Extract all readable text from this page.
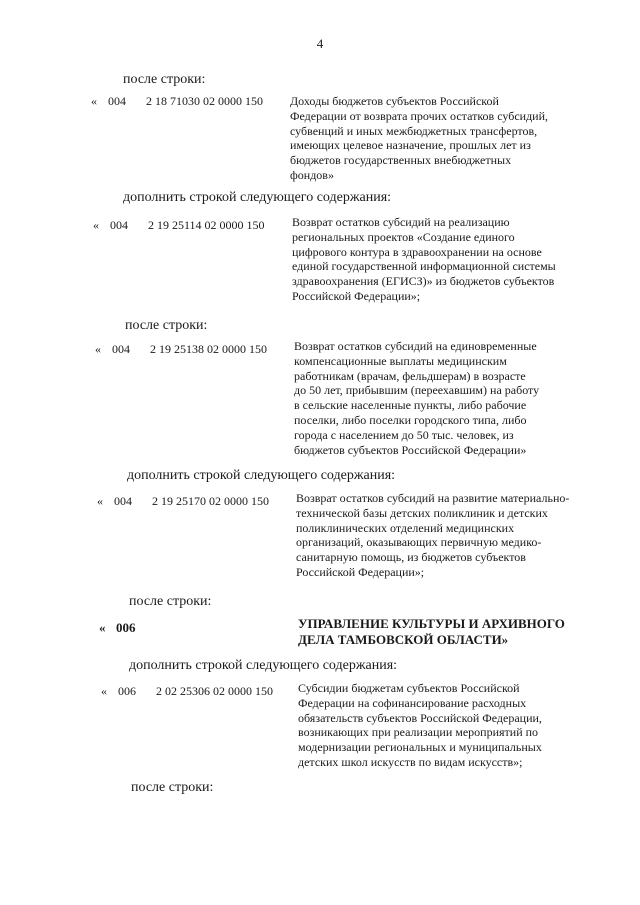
4
после строки:
« 004 2 18 71030 02 0000 150 Доходы бюджетов субъектов Российской
Федерации от возврата прочих остатков субсидий,
субвенций и иных межбюджетных трансфертов,
имеющих целевое назначение, прошлых лет из
бюджетов государственных внебюджетных
фондов»
дополнить строкой следующего содержания:
« 004 2 19 25114 02 0000 150 Возврат остатков субсидий на реализацию
региональных проектов «Создание единого
цифрового контура в здравоохранении на основе
единой государственной информационной системы
здравоохранения (ЕГИСЗ)» из бюджетов субъектов
Российской Федерации»;
после строки:
« 004 2 19 25138 02 0000 150 Возврат остатков субсидий на единовременные
компенсационные выплаты медицинским
работникам (врачам, фельдшерам) в возрасте
до 50 лет, прибывшим (переехавшим) на работу
в сельские населенные пункты, либо рабочие
поселки, либо поселки городского типа, либо
города с населением до 50 тыс. человек, из
бюджетов субъектов Российской Федерации»
дополнить строкой следующего содержания:
« 004 2 19 25170 02 0000 150 Возврат остатков субсидий на развитие материально-
технической базы детских поликлиник и детских
поликлинических отделений медицинских
организаций, оказывающих первичную медико-
санитарную помощь, из бюджетов субъектов
Российской Федерации»;
после строки:
« 006	УПРАВЛЕНИЕ КУЛЬТУРЫ И АРХИВНОГО
ДЕЛА ТАМБОВСКОЙ ОБЛАСТИ»
дополнить строкой следующего содержания:
« 006 2 02 25306 02 0000 150 Субсидии бюджетам субъектов Российской
Федерации на софинансирование расходных
обязательств субъектов Российской Федерации,
возникающих при реализации мероприятий по
модернизации региональных и муниципальных
детских школ искусств по видам искусств»;
после строки:
